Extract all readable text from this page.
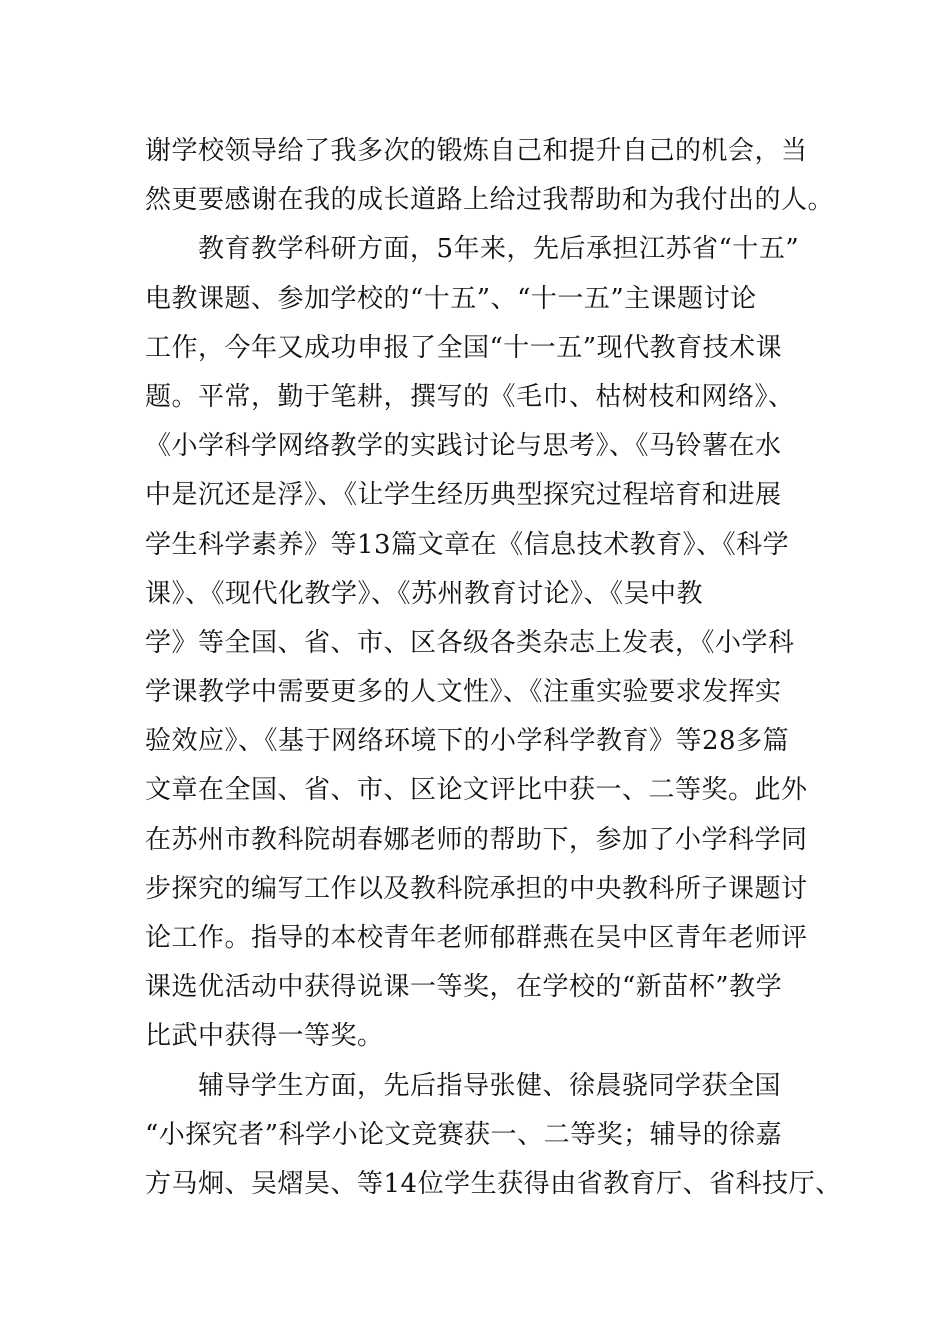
谢学校领导给了我多次的锻炼自己和提升自己的机会，当
然更要感谢在我的成长道路上给过我帮助和为我付出的人。
　　教育教学科研方面，5年来，先后承担江苏省“十五”
电教课题、参加学校的“十五”、“十一五”主课题讨论
工作，今年又成功申报了全国“十一五”现代教育技术课
题。平常，勤于笔耕，撰写的《毛巾、枯树枝和网络》、
《小学科学网络教学的实践讨论与思考》、《马铃薯在水
中是沉还是浮》、《让学生经历典型探究过程培育和进展
学生科学素养》等13篇文章在《信息技术教育》、《科学
课》、《现代化教学》、《苏州教育讨论》、《吴中教
学》等全国、省、市、区各级各类杂志上发表，《小学科
学课教学中需要更多的人文性》、《注重实验要求发挥实
验效应》、《基于网络环境下的小学科学教育》等28多篇
文章在全国、省、市、区论文评比中获一、二等奖。此外
在苏州市教科院胡春娜老师的帮助下，参加了小学科学同
步探究的编写工作以及教科院承担的中央教科所子课题讨
论工作。指导的本校青年老师郁群燕在吴中区青年老师评
课选优活动中获得说课一等奖，在学校的“新苗杯”教学
比武中获得一等奖。
　　辅导学生方面，先后指导张健、徐晨骁同学获全国
“小探究者”科学小论文竞赛获一、二等奖；辅导的徐嘉
方马炯、吴熠昊、等14位学生获得由省教育厅、省科技厅、
